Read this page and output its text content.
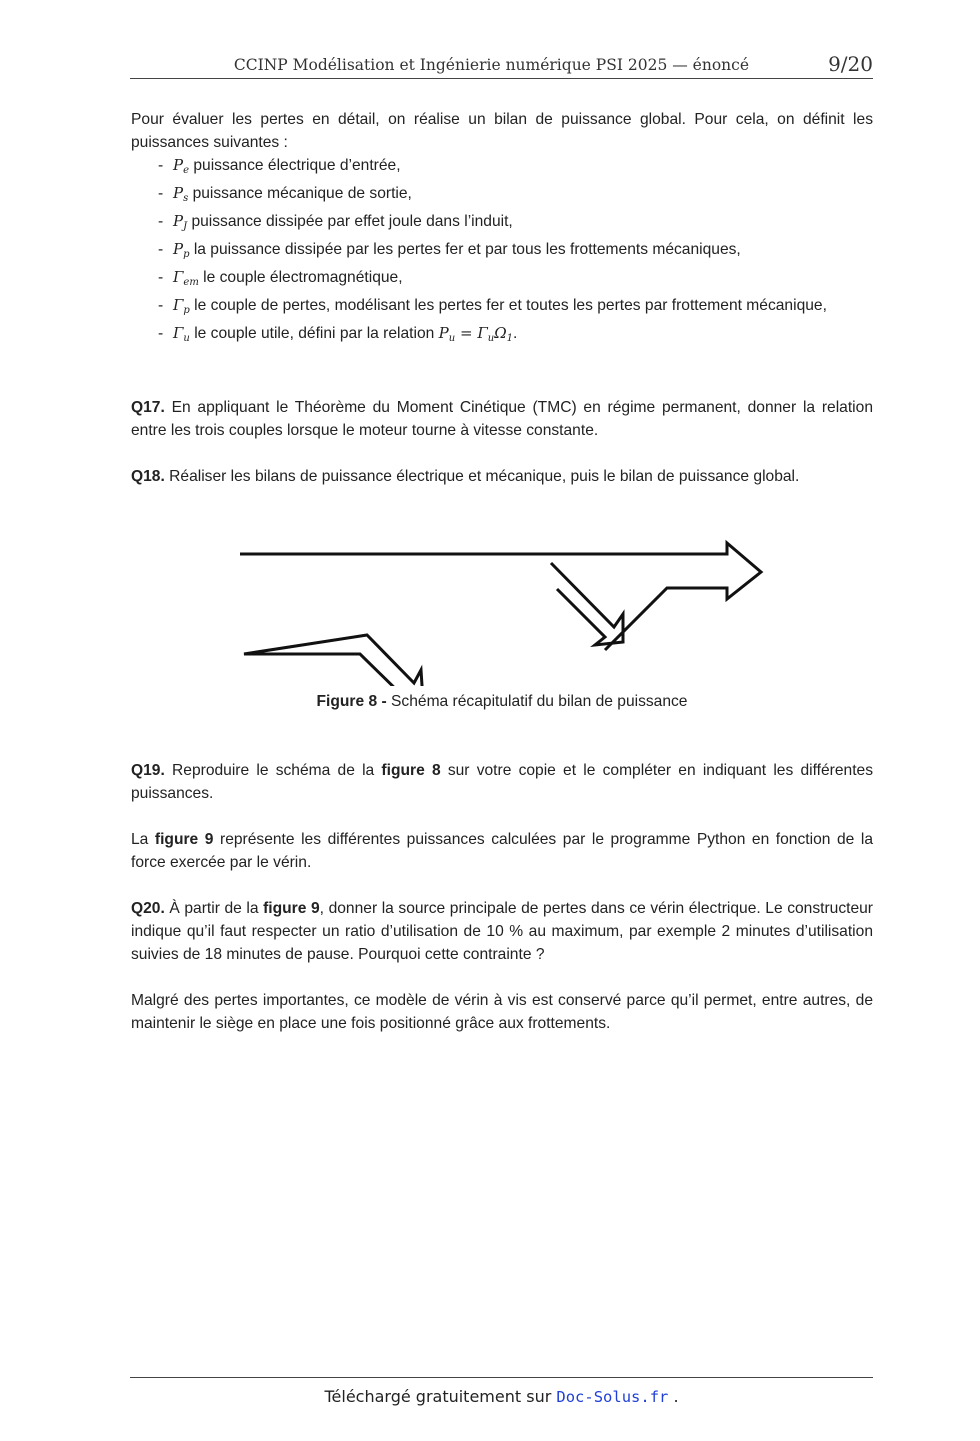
CCINP Modélisation et Ingénierie numérique PSI 2025 — énoncé	9/20

Pour évaluer les pertes en détail, on réalise un bilan de puissance global. Pour cela, on définit les puissances suivantes :

- $P_e$ puissance électrique d’entrée,
- $P_s$ puissance mécanique de sortie,
- $P_J$ puissance dissipée par effet joule dans l’induit,
- $P_p$ la puissance dissipée par les pertes fer et par tous les frottements mécaniques,
- $\Gamma_{em}$ le couple électromagnétique,
- $\Gamma_p$ le couple de pertes, modélisant les pertes fer et toutes les pertes par frottement mécanique,
- $\Gamma_u$ le couple utile, défini par la relation $P_u = \Gamma_u\Omega_1$.

Q17. En appliquant le Théorème du Moment Cinétique (TMC) en régime permanent, donner la relation entre les trois couples lorsque le moteur tourne à vitesse constante.

Q18. Réaliser les bilans de puissance électrique et mécanique, puis le bilan de puissance global.

Figure 8 - Schéma récapitulatif du bilan de puissance

Q19. Reproduire le schéma de la figure 8 sur votre copie et le compléter en indiquant les différentes puissances.

La figure 9 représente les différentes puissances calculées par le programme Python en fonction de la force exercée par le vérin.

Q20. À partir de la figure 9, donner la source principale de pertes dans ce vérin électrique. Le constructeur indique qu’il faut respecter un ratio d’utilisation de 10 % au maximum, par exemple 2 minutes d’utilisation suivies de 18 minutes de pause. Pourquoi cette contrainte ?

Malgré des pertes importantes, ce modèle de vérin à vis est conservé parce qu’il permet, entre autres, de maintenir le siège en place une fois positionné grâce aux frottements.

Téléchargé gratuitement sur Doc-Solus.fr .
